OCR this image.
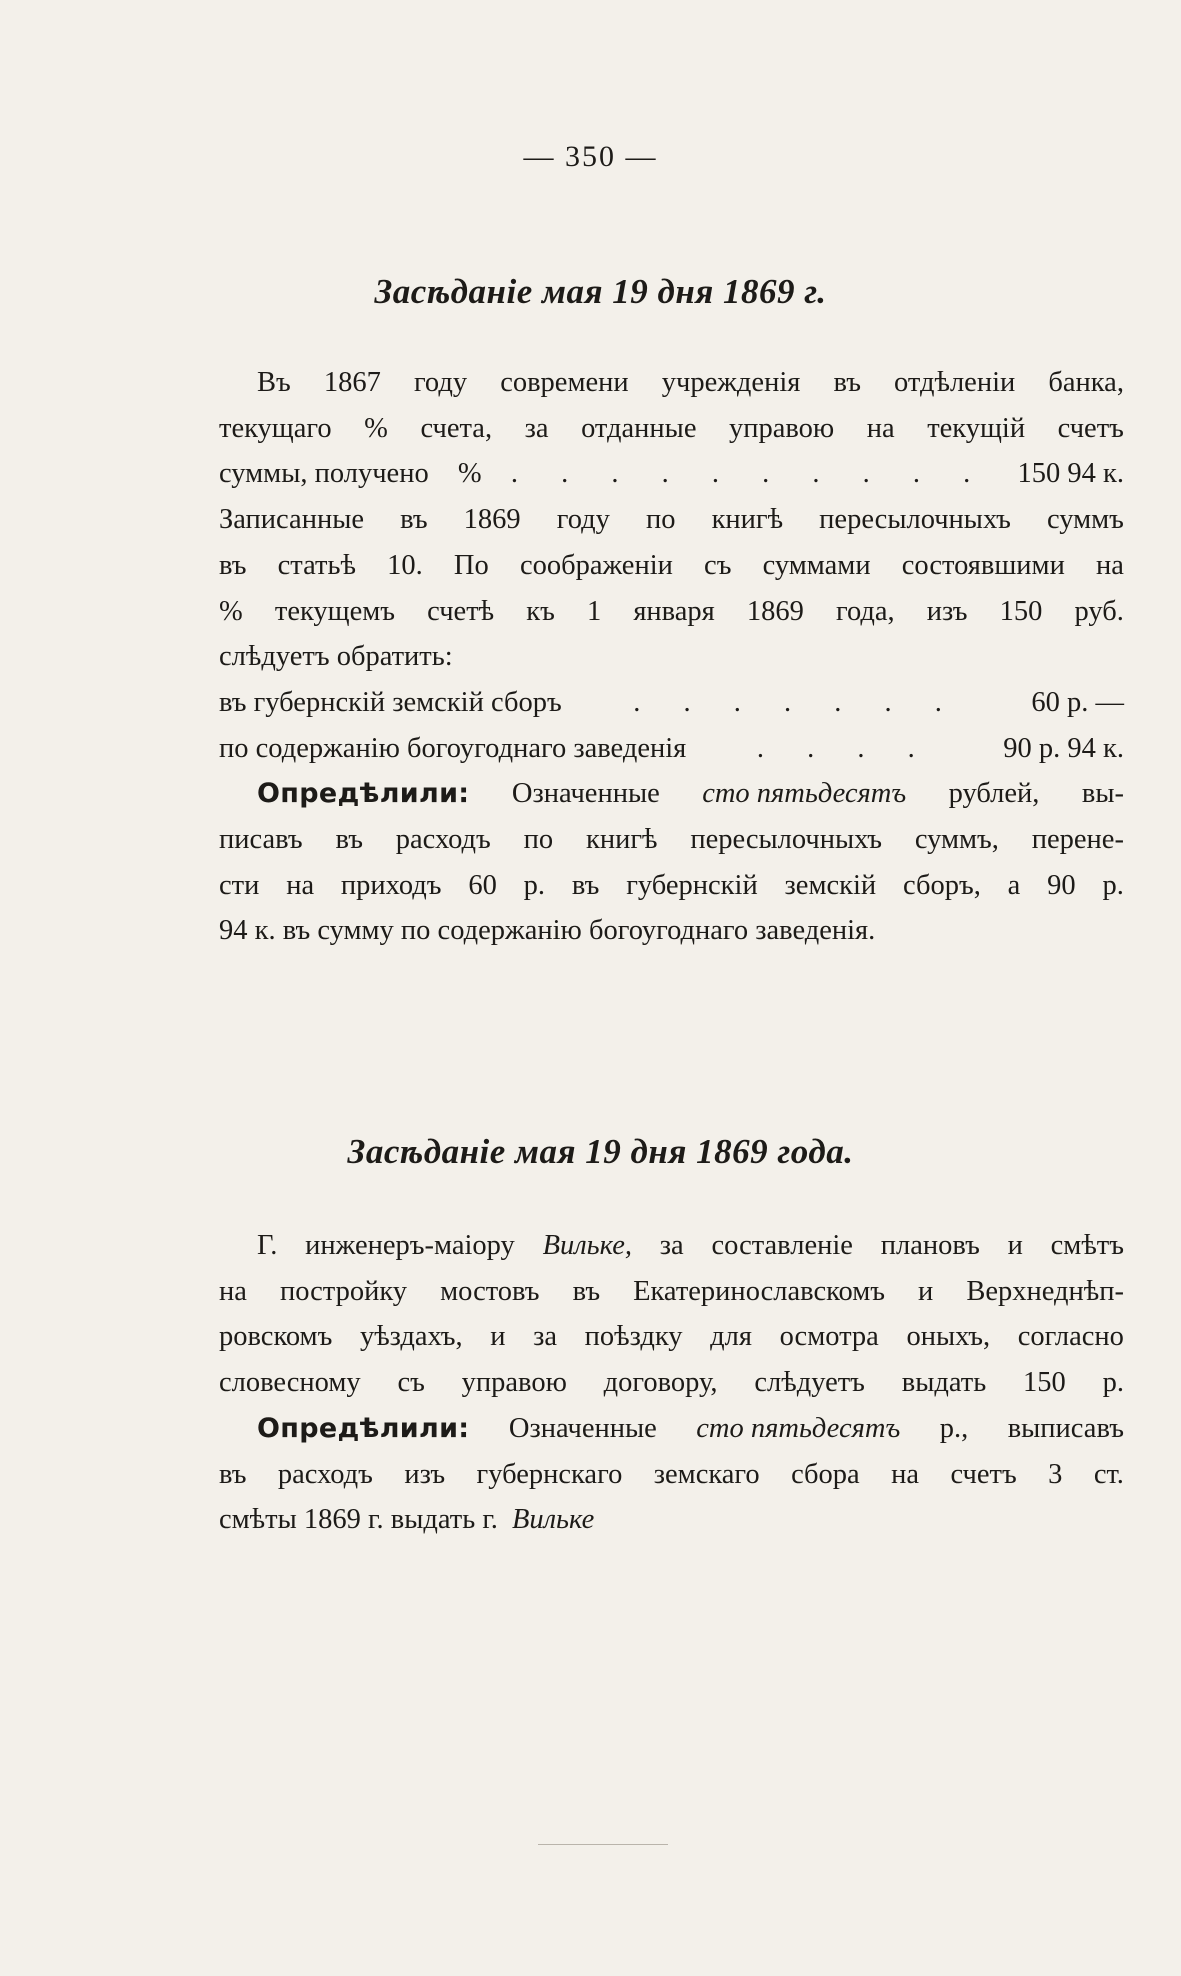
— 350 —
Засѣданіе мая 19 дня 1869 г.
Въ 1867 году современи учрежденія въ отдѣленіи банка,
текущаго % счета, за отданные управою на текущій счетъ
суммы, получено % . . . . . . . . . . 150 94 к.
Записанные въ 1869 году по книгѣ пересылочныхъ суммъ
въ статьѣ 10. По соображеніи съ суммами состоявшими на
% текущемъ счетѣ къ 1 января 1869 года, изъ 150 руб.
слѣдуетъ обратить:
въ губернскій земскій сборъ	. . . . . . .	60 р. —
по содержанію богоугоднаго заведенія . . . . 90 р. 94 к.
Опредѣлили: Означенные сто пятьдесятъ рублей, вы-
писавъ въ расходъ по книгѣ пересылочныхъ суммъ, перене-
сти на приходъ 60 р. въ губернскій земскій сборъ, а 90 р.
94 к. въ сумму по содержанію богоугоднаго заведенія.
Засѣданіе мая 19 дня 1869 года.
Г. инженеръ-маіору Вильке, за составленіе плановъ и смѣтъ
на постройку мостовъ въ Екатеринославскомъ и Верхнеднѣп-
ровскомъ уѣздахъ, и за поѣздку для осмотра оныхъ, согласно
словесному съ управою договору, слѣдуетъ выдать 150 р.
Опредѣлили: Означенные сто пятьдесятъ р., выписавъ
въ расходъ изъ губернскаго земскаго сбора на счетъ 3 ст.
смѣты 1869 г. выдать г. Вильке
